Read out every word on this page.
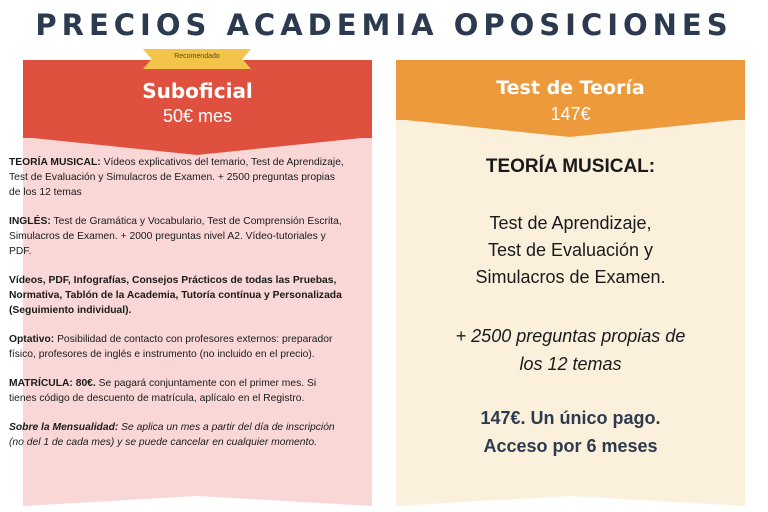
PRECIOS ACADEMIA OPOSICIONES
Recomendado
Suboficial
50€ mes

TEORÍA MUSICAL: Vídeos explicativos del temario, Test de Aprendizaje, Test de Evaluación y Simulacros de Examen. + 2500 preguntas propias de los 12 temas

INGLÉS: Test de Gramática y Vocabulario, Test de Comprensión Escrita, Simulacros de Examen. + 2000 preguntas nivel A2. Vídeo-tutoriales y PDF.

Vídeos, PDF, Infografías, Consejos Prácticos de todas las Pruebas, Normativa, Tablón de la Academia, Tutoría contínua y Personalizada (Seguimiento individual).

Optativo: Posibilidad de contacto con profesores externos: preparador físico, profesores de inglés e instrumento (no incluido en el precio).

MATRÍCULA: 80€. Se pagará conjuntamente con el primer mes. Si tienes código de descuento de matrícula, aplícalo en el Registro.

Sobre la Mensualidad: Se aplica un mes a partir del día de inscripción (no del 1 de cada mes) y se puede cancelar en cualquier momento.

Test de Teoría
147€
TEORÍA MUSICAL:
Test de Aprendizaje,
Test de Evaluación y
Simulacros de Examen.
+ 2500 preguntas propias de
los 12 temas
147€. Un único pago.
Acceso por 6 meses
